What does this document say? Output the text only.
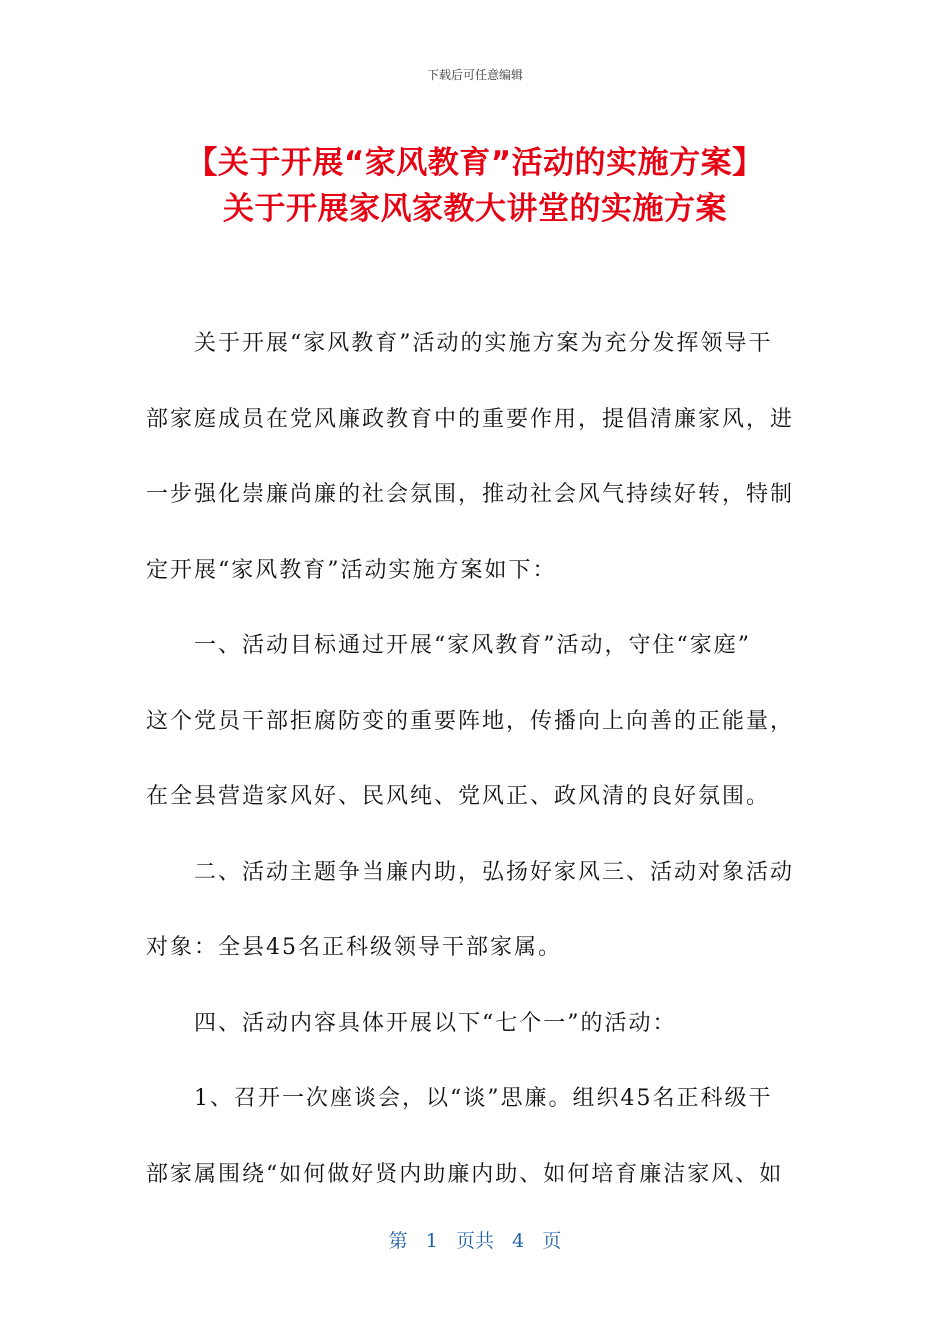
下载后可任意编辑
【关于开展“家风教育”活动的实施方案】
关于开展家风家教大讲堂的实施方案
关于开展“家风教育”活动的实施方案为充分发挥领导干
部家庭成员在党风廉政教育中的重要作用，提倡清廉家风，进
一步强化崇廉尚廉的社会氛围，推动社会风气持续好转，特制
定开展“家风教育”活动实施方案如下：
一、活动目标通过开展“家风教育”活动，守住“家庭”
这个党员干部拒腐防变的重要阵地，传播向上向善的正能量，
在全县营造家风好、民风纯、党风正、政风清的良好氛围。
二、活动主题争当廉内助，弘扬好家风三、活动对象活动
对象：全县45名正科级领导干部家属。
四、活动内容具体开展以下“七个一”的活动：
1、召开一次座谈会，以“谈”思廉。组织45名正科级干
部家属围绕“如何做好贤内助廉内助、如何培育廉洁家风、如
第 1 页共 4 页
